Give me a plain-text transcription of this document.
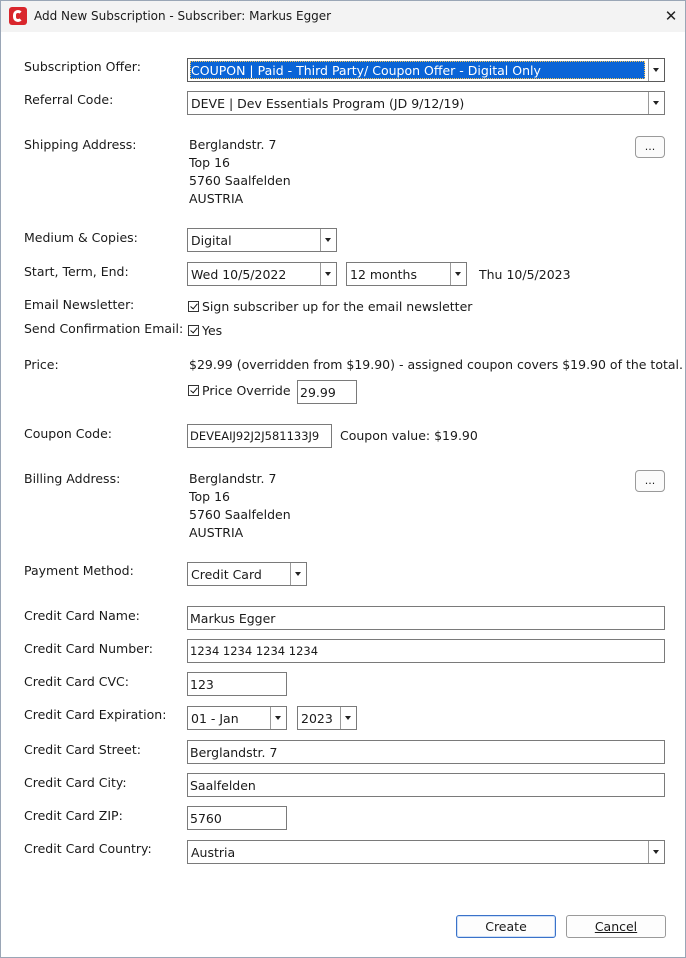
Add New Subscription - Subscriber: Markus Egger	✕
Subscription Offer:	COUPON | Paid - Third Party/ Coupon Offer - Digital Only
Referral Code:	DEVE | Dev Essentials Program (JD 9/12/19)
Shipping Address:	Berglandstr. 7
Top 16
5760 Saalfelden
AUSTRIA
...
Medium & Copies:	Digital
Start, Term, End:	Wed 10/5/2022	12 months	Thu 10/5/2023
Email Newsletter:	Sign subscriber up for the email newsletter
Send Confirmation Email: Yes
Price:	$29.99 (overridden from $19.90) - assigned coupon covers $19.90 of the total.
Price Override 29.99
Coupon Code:	DEVEAIJ92J2J581133J9 Coupon value: $19.90
Billing Address:	Berglandstr. 7
Top 16
5760 Saalfelden
AUSTRIA
...
Payment Method:	Credit Card
Credit Card Name:	Markus Egger
Credit Card Number:	1234 1234 1234 1234
Credit Card CVC:	123
Credit Card Expiration: 01 - Jan	2023
Credit Card Street:	Berglandstr. 7
Credit Card City:	Saalfelden
Credit Card ZIP:	5760
Credit Card Country:	Austria
Create	Cancel
